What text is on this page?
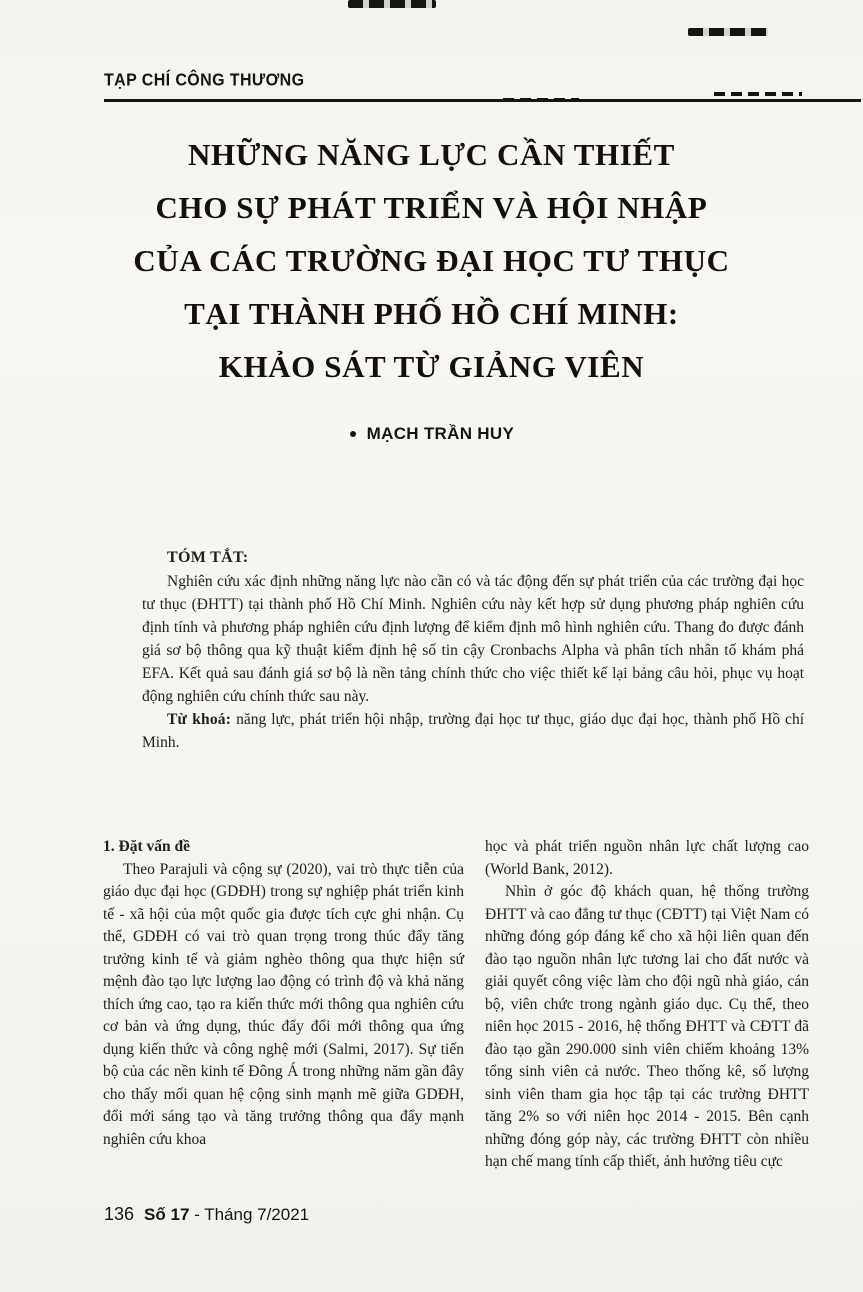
TẠP CHÍ CÔNG THƯƠNG
NHỮNG NĂNG LỰC CẦN THIẾT
CHO SỰ PHÁT TRIỂN VÀ HỘI NHẬP
CỦA CÁC TRƯỜNG ĐẠI HỌC TƯ THỤC
TẠI THÀNH PHỐ HỒ CHÍ MINH:
KHẢO SÁT TỪ GIẢNG VIÊN
● MẠCH TRẦN HUY
TÓM TẮT:

Nghiên cứu xác định những năng lực nào cần có và tác động đến sự phát triển của các trường đại học tư thục (ĐHTT) tại thành phố Hồ Chí Minh. Nghiên cứu này kết hợp sử dụng phương pháp nghiên cứu định tính và phương pháp nghiên cứu định lượng để kiểm định mô hình nghiên cứu. Thang đo được đánh giá sơ bộ thông qua kỹ thuật kiểm định hệ số tin cậy Cronbachs Alpha và phân tích nhân tố khám phá EFA. Kết quả sau đánh giá sơ bộ là nền tảng chính thức cho việc thiết kế lại bảng câu hỏi, phục vụ hoạt động nghiên cứu chính thức sau này.

Từ khoá: năng lực, phát triển hội nhập, trường đại học tư thục, giáo dục đại học, thành phố Hồ chí Minh.

1. Đặt vấn đề

Theo Parajuli và cộng sự (2020), vai trò thực tiễn của giáo dục đại học (GDĐH) trong sự nghiệp phát triển kinh tế - xã hội của một quốc gia được tích cực ghi nhận. Cụ thể, GDĐH có vai trò quan trọng trong thúc đẩy tăng trưởng kinh tế và giảm nghèo thông qua thực hiện sứ mệnh đào tạo lực lượng lao động có trình độ và khả năng thích ứng cao, tạo ra kiến thức mới thông qua nghiên cứu cơ bản và ứng dụng, thúc đẩy đổi mới thông qua ứng dụng kiến thức và công nghệ mới (Salmi, 2017). Sự tiến bộ của các nền kinh tế Đông Á trong những năm gần đây cho thấy mối quan hệ cộng sinh mạnh mẽ giữa GDĐH, đổi mới sáng tạo và tăng trưởng thông qua đẩy mạnh nghiên cứu khoa

học và phát triển nguồn nhân lực chất lượng cao (World Bank, 2012).

Nhìn ở góc độ khách quan, hệ thống trường ĐHTT và cao đẳng tư thục (CĐTT) tại Việt Nam có những đóng góp đáng kể cho xã hội liên quan đến đào tạo nguồn nhân lực tương lai cho đất nước và giải quyết công việc làm cho đội ngũ nhà giáo, cán bộ, viên chức trong ngành giáo dục. Cụ thể, theo niên học 2015 - 2016, hệ thống ĐHTT và CĐTT đã đào tạo gần 290.000 sinh viên chiếm khoảng 13% tổng sinh viên cả nước. Theo thống kê, số lượng sinh viên tham gia học tập tại các trường ĐHTT tăng 2% so với niên học 2014 - 2015. Bên cạnh những đóng góp này, các trường ĐHTT còn nhiều hạn chế mang tính cấp thiết, ảnh hưởng tiêu cực

136 Số 17 - Tháng 7/2021
